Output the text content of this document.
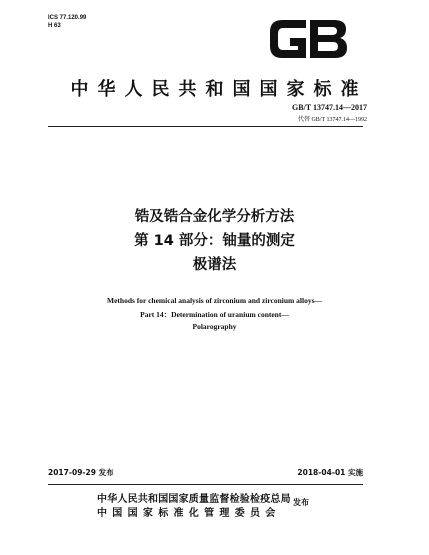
ICS 77.120.99
H 63
中华人民共和国国家标准
GB/T 13747.14—2017
代替 GB/T 13747.14—1992
锆及锆合金化学分析方法
第 14 部分：铀量的测定
极谱法
Methods for chemical analysis of zirconium and zirconium alloys—
Part 14：Determination of uranium content—
Polarography
2017-09-29 发布	2018-04-01 实施
中华人民共和国国家质量监督检验检疫总局
中国国家标准化管理委员会
发布
